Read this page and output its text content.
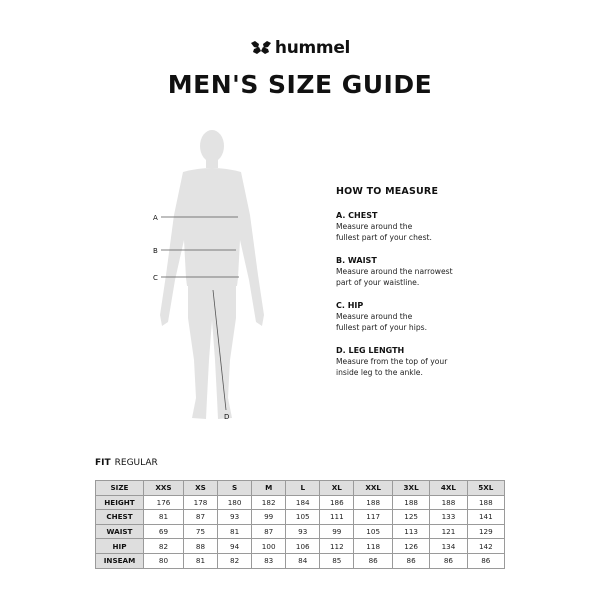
hummel
MEN'S SIZE GUIDE
A
B
C
D
HOW TO MEASURE
A. CHEST
Measure around the
fullest part of your chest.
B. WAIST
Measure around the narrowest
part of your waistline.
C. HIP
Measure around the
fullest part of your hips.
D. LEG LENGTH
Measure from the top of your
inside leg to the ankle.
FIT REGULAR
SIZE	XXS	XS	S	M	L	XL	XXL	3XL	4XL	5XL
HEIGHT	176	178	180	182	184	186	188	188	188	188
CHEST	81	87	93	99	105	111	117	125	133	141
WAIST	69	75	81	87	93	99	105	113	121	129
HIP	82	88	94	100	106	112	118	126	134	142
INSEAM	80	81	82	83	84	85	86	86	86	86
